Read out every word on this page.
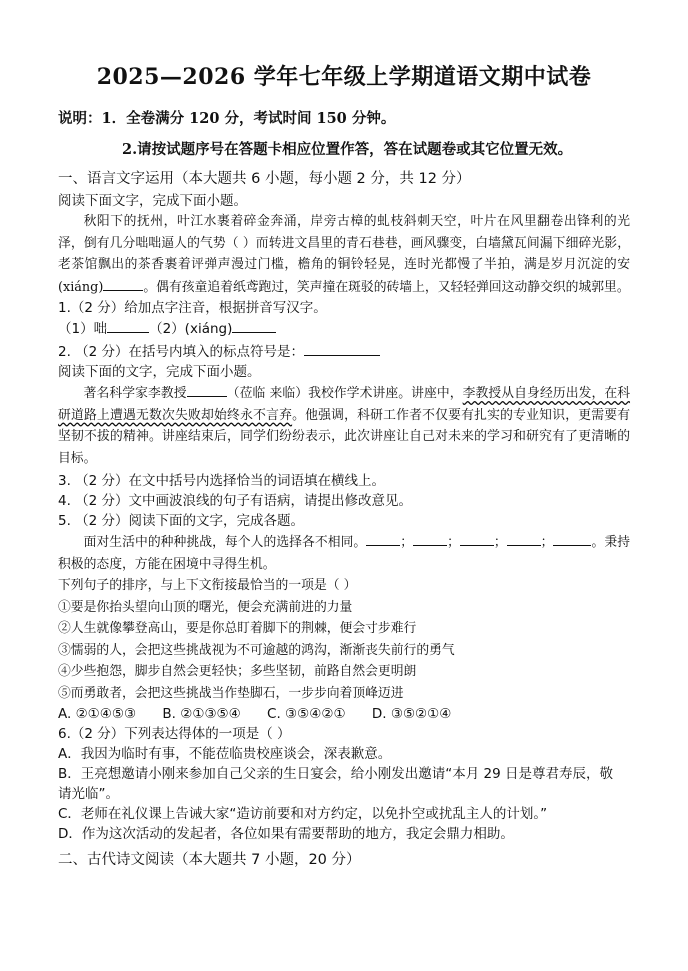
2025—2026 学年七年级上学期道语文期中试卷
说明：1．全卷满分 120 分，考试时间 150 分钟。
2.请按试题序号在答题卡相应位置作答，答在试题卷或其它位置无效。
一、语言文字运用（本大题共 6 小题，每小题 2 分，共 12 分）
阅读下面文字，完成下面小题。

秋阳下的抚州，叶江水裹着碎金奔涌，岸旁古樟的虬枝斜刺天空，叶片在风里翻卷出锋利的光泽，倒有几分咄咄逼人的气势（ ）而转进文昌里的青石巷巷，画风骤变，白墙黛瓦间漏下细碎光影，老茶馆飘出的茶香裹着评弹声漫过门槛，檐角的铜铃轻晃，连时光都慢了半拍，满是岁月沉淀的安(xiáng)	。偶有孩童追着纸鸢跑过，笑声撞在斑驳的砖墙上，又轻轻弹回这动静交织的城郭里。

1.（2 分）给加点字注音，根据拼音写汉字。
（1）咄	（2）(xiáng)
2. （2 分）在括号内填入的标点符号是：
阅读下面的文字，完成下面小题。

著名科学家李教授	（莅临 来临）我校作学术讲座。讲座中，李教授从自身经历出发，在科研道路上遭遇无数次失败却始终永不言弃。他强调，科研工作者不仅要有扎实的专业知识，更需要有坚韧不拔的精神。讲座结束后，同学们纷纷表示，此次讲座让自己对未来的学习和研究有了更清晰的目标。

3. （2 分）在文中括号内选择恰当的词语填在横线上。
4. （2 分）文中画波浪线的句子有语病，请提出修改意见。
5. （2 分）阅读下面的文字，完成各题。

面对生活中的种种挑战，每个人的选择各不相同。	；	；	；	；	。秉持积极的态度，方能在困境中寻得生机。

下列句子的排序，与上下文衔接最恰当的一项是（ ）
①要是你抬头望向山顶的曙光，便会充满前进的力量
②人生就像攀登高山，要是你总盯着脚下的荆棘，便会寸步难行
③懦弱的人，会把这些挑战视为不可逾越的鸿沟，渐渐丧失前行的勇气
④少些抱怨，脚步自然会更轻快；多些坚韧，前路自然会更明朗
⑤而勇敢者，会把这些挑战当作垫脚石，一步步向着顶峰迈进
A. ②①④⑤③ B. ②①③⑤④ C. ③⑤④②① D. ③⑤②①④
6.（2 分）下列表达得体的一项是（ ）
A．我因为临时有事，不能莅临贵校座谈会，深表歉意。
B．王亮想邀请小刚来参加自己父亲的生日宴会，给小刚发出邀请“本月 29 日是尊君寿辰，敬
请光临”。
C．老师在礼仪课上告诫大家“造访前要和对方约定，以免扑空或扰乱主人的计划。”
D．作为这次活动的发起者，各位如果有需要帮助的地方，我定会鼎力相助。
二、古代诗文阅读（本大题共 7 小题，20 分）
